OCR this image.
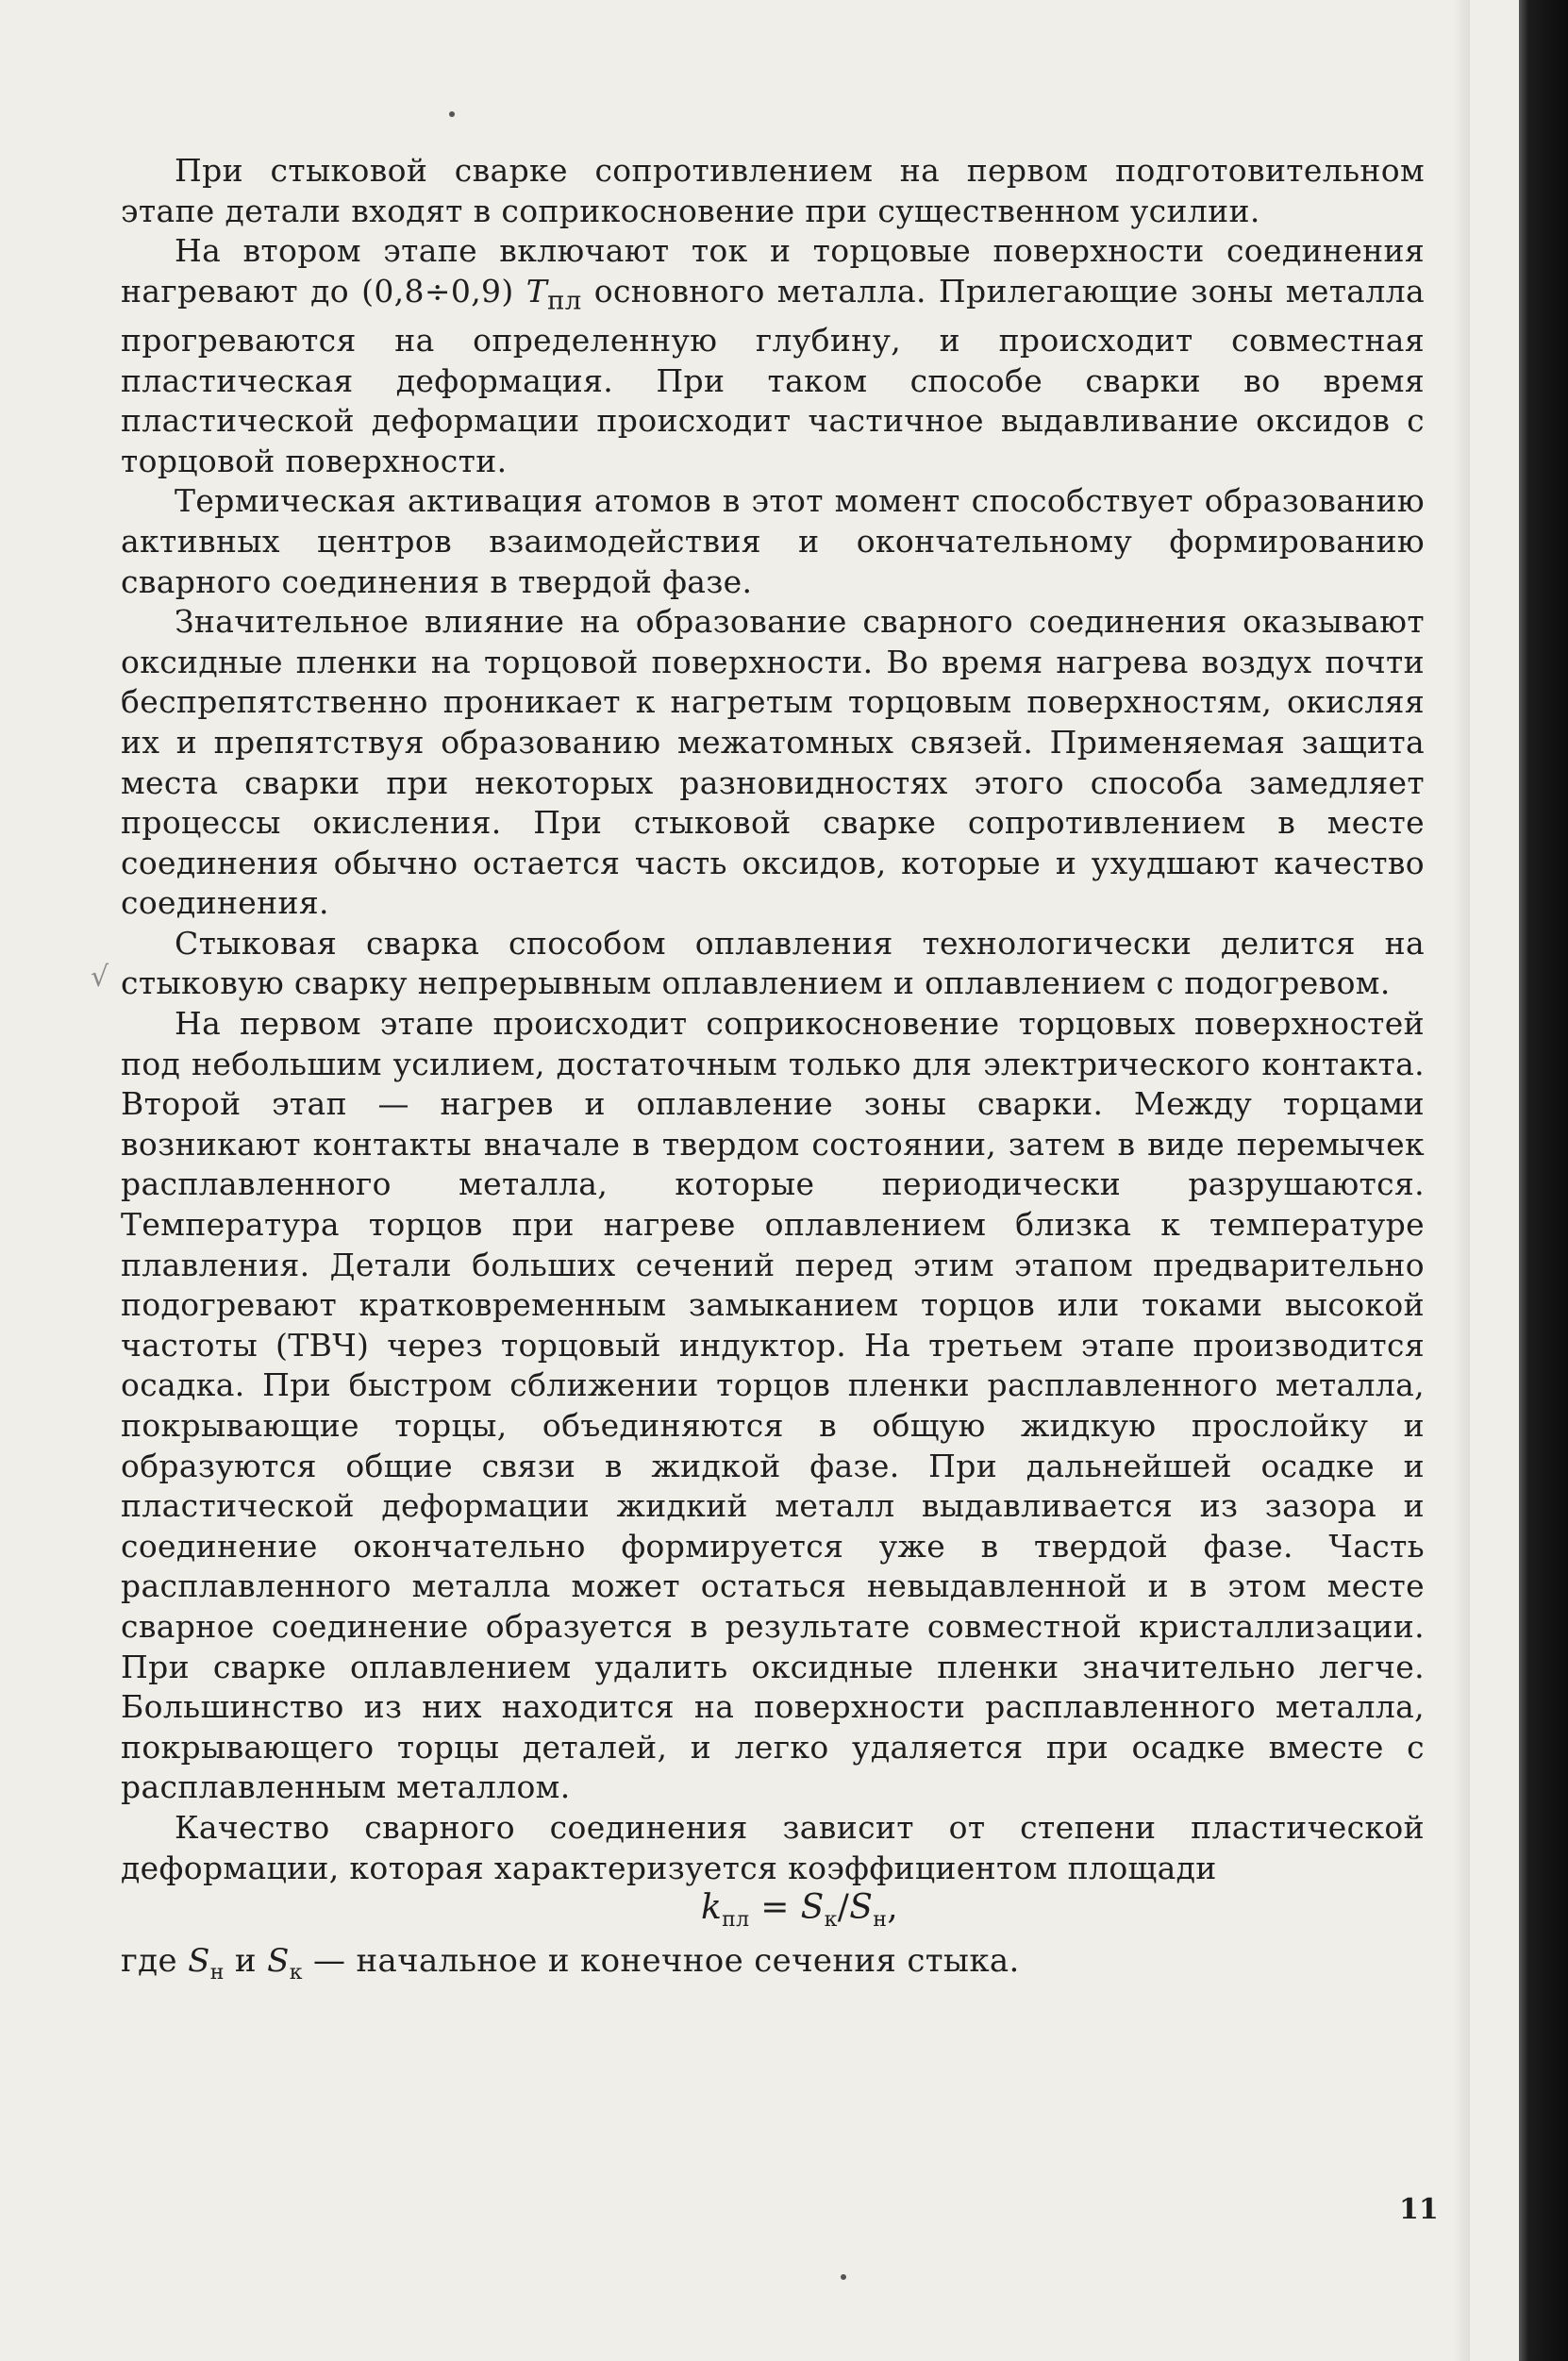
При стыковой сварке сопротивлением на первом подготовительном этапе детали входят в соприкосновение при существенном усилии.

На втором этапе включают ток и торцовые поверхности соединения нагревают до (0,8÷0,9) $T_{пл}$ основного металла. Прилегающие зоны металла прогреваются на определенную глубину, и происходит совместная пластическая деформация. При таком способе сварки во время пластической деформации происходит частичное выдавливание оксидов с торцовой поверхности.

Термическая активация атомов в этот момент способствует образованию активных центров взаимодействия и окончательному формированию сварного соединения в твердой фазе.

Значительное влияние на образование сварного соединения оказывают оксидные пленки на торцовой поверхности. Во время нагрева воздух почти беспрепятственно проникает к нагретым торцовым поверхностям, окисляя их и препятствуя образованию межатомных связей. Применяемая защита места сварки при некоторых разновидностях этого способа замедляет процессы окисления. При стыковой сварке сопротивлением в месте соединения обычно остается часть оксидов, которые и ухудшают качество соединения.

Стыковая сварка способом оплавления технологически делится на стыковую сварку непрерывным оплавлением и оплавлением с подогревом.

На первом этапе происходит соприкосновение торцовых поверхностей под небольшим усилием, достаточным только для электрического контакта. Второй этап — нагрев и оплавление зоны сварки. Между торцами возникают контакты вначале в твердом состоянии, затем в виде перемычек расплавленного металла, которые периодически разрушаются. Температура торцов при нагреве оплавлением близка к температуре плавления. Детали больших сечений перед этим этапом предварительно подогревают кратковременным замыканием торцов или токами высокой частоты (ТВЧ) через торцовый индуктор. На третьем этапе производится осадка. При быстром сближении торцов пленки расплавленного металла, покрывающие торцы, объединяются в общую жидкую прослойку и образуются общие связи в жидкой фазе. При дальнейшей осадке и пластической деформации жидкий металл выдавливается из зазора и соединение окончательно формируется уже в твердой фазе. Часть расплавленного металла может остаться невыдавленной и в этом месте сварное соединение образуется в результате совместной кристаллизации. При сварке оплавлением удалить оксидные пленки значительно легче. Большинство из них находится на поверхности расплавленного металла, покрывающего торцы деталей, и легко удаляется при осадке вместе с расплавленным металлом.

Качество сварного соединения зависит от степени пластической деформации, которая характеризуется коэффициентом площади

$k_{пл} = S_к/S_н$,

где $S_н$ и $S_к$ — начальное и конечное сечения стыка.

√
11
